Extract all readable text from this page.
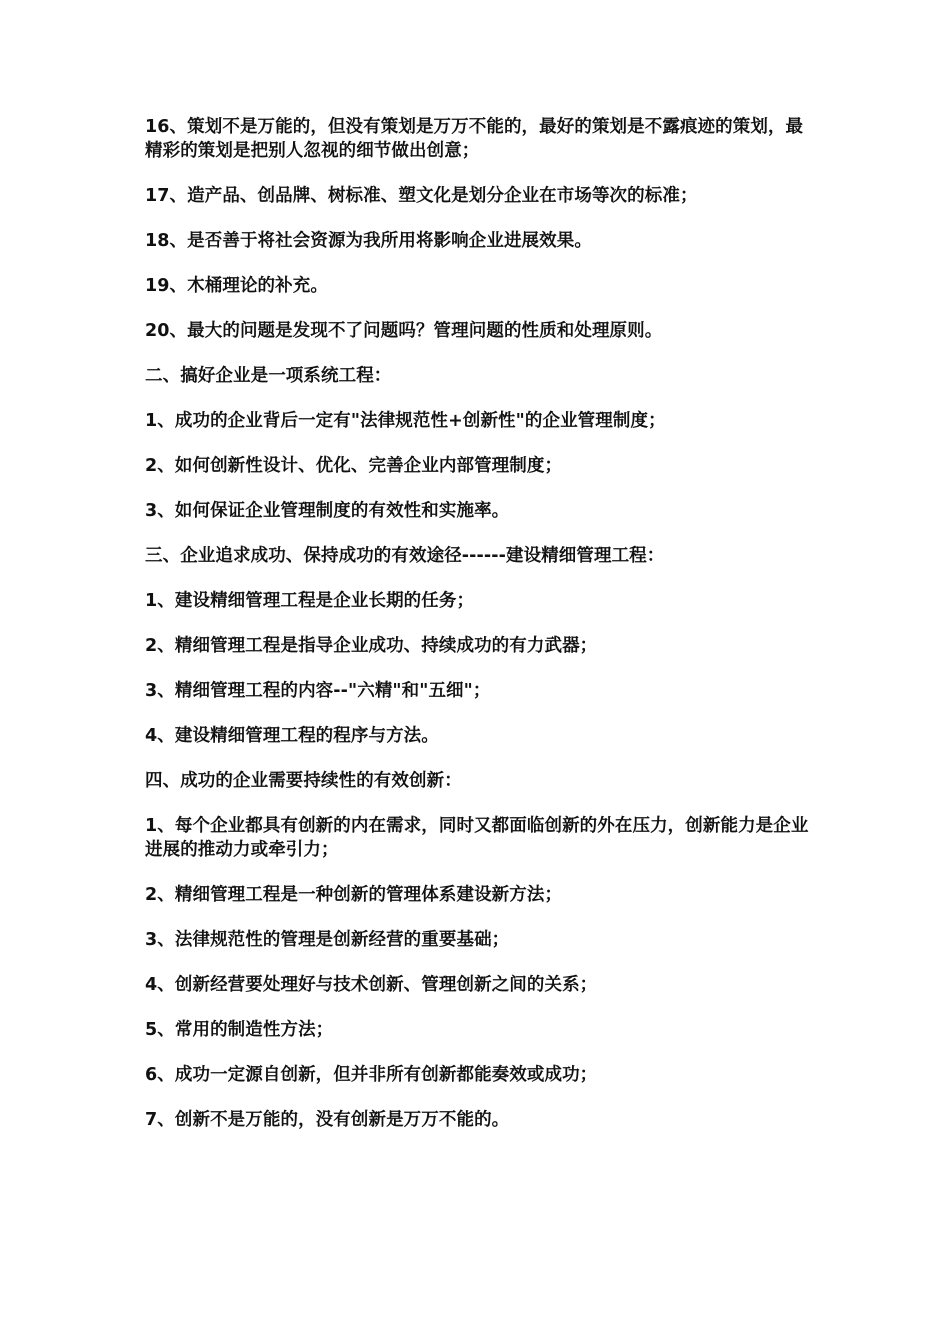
16、策划不是万能的，但没有策划是万万不能的，最好的策划是不露痕迹的策划，最精彩的策划是把别人忽视的细节做出创意；

17、造产品、创品牌、树标准、塑文化是划分企业在市场等次的标准；

18、是否善于将社会资源为我所用将影响企业进展效果。

19、木桶理论的补充。

20、最大的问题是发现不了问题吗？管理问题的性质和处理原则。

二、搞好企业是一项系统工程：

1、成功的企业背后一定有"法律规范性+创新性"的企业管理制度；

2、如何创新性设计、优化、完善企业内部管理制度；

3、如何保证企业管理制度的有效性和实施率。

三、企业追求成功、保持成功的有效途径------建设精细管理工程：

1、建设精细管理工程是企业长期的任务；

2、精细管理工程是指导企业成功、持续成功的有力武器；

3、精细管理工程的内容--"六精"和"五细"；

4、建设精细管理工程的程序与方法。

四、成功的企业需要持续性的有效创新：

1、每个企业都具有创新的内在需求，同时又都面临创新的外在压力，创新能力是企业进展的推动力或牵引力；

2、精细管理工程是一种创新的管理体系建设新方法；

3、法律规范性的管理是创新经营的重要基础；

4、创新经营要处理好与技术创新、管理创新之间的关系；

5、常用的制造性方法；

6、成功一定源自创新，但并非所有创新都能奏效或成功；

7、创新不是万能的，没有创新是万万不能的。
